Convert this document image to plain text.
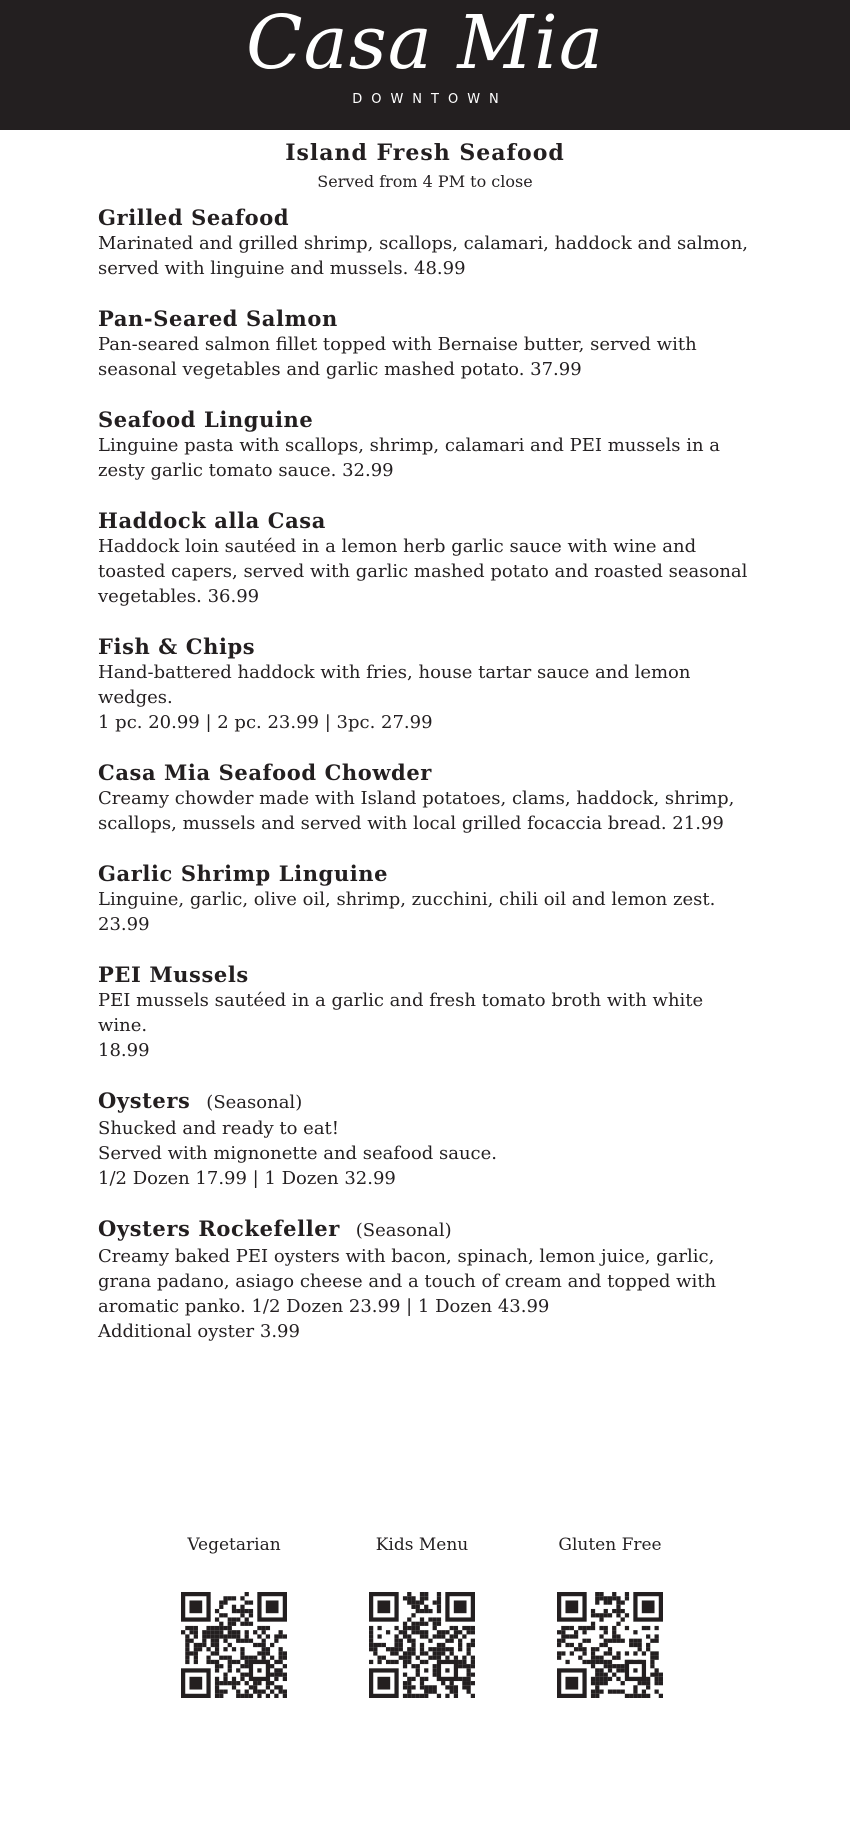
Casa Mia
DOWNTOWN
Island Fresh Seafood
Served from 4 PM to close
Grilled Seafood
Marinated and grilled shrimp, scallops, calamari, haddock and salmon, served with linguine and mussels. 48.99
Pan-Seared Salmon
Pan-seared salmon fillet topped with Bernaise butter, served with seasonal vegetables and garlic mashed potato. 37.99
Seafood Linguine
Linguine pasta with scallops, shrimp, calamari and PEI mussels in a zesty garlic tomato sauce. 32.99
Haddock alla Casa
Haddock loin sautéed in a lemon herb garlic sauce with wine and toasted capers, served with garlic mashed potato and roasted seasonal vegetables. 36.99
Fish & Chips
Hand-battered haddock with fries, house tartar sauce and lemon wedges.
1 pc. 20.99 | 2 pc. 23.99 | 3pc. 27.99
Casa Mia Seafood Chowder
Creamy chowder made with Island potatoes, clams, haddock, shrimp, scallops, mussels and served with local grilled focaccia bread. 21.99
Garlic Shrimp Linguine
Linguine, garlic, olive oil, shrimp, zucchini, chili oil and lemon zest.
23.99
PEI Mussels
PEI mussels sautéed in a garlic and fresh tomato broth with white wine.
18.99
Oysters (Seasonal)
Shucked and ready to eat!
Served with mignonette and seafood sauce.
1/2 Dozen 17.99 | 1 Dozen 32.99
Oysters Rockefeller (Seasonal)
Creamy baked PEI oysters with bacon, spinach, lemon juice, garlic, grana padano, asiago cheese and a touch of cream and topped with aromatic panko. 1/2 Dozen 23.99 | 1 Dozen 43.99
Additional oyster 3.99
Vegetarian	Kids Menu	Gluten Free
